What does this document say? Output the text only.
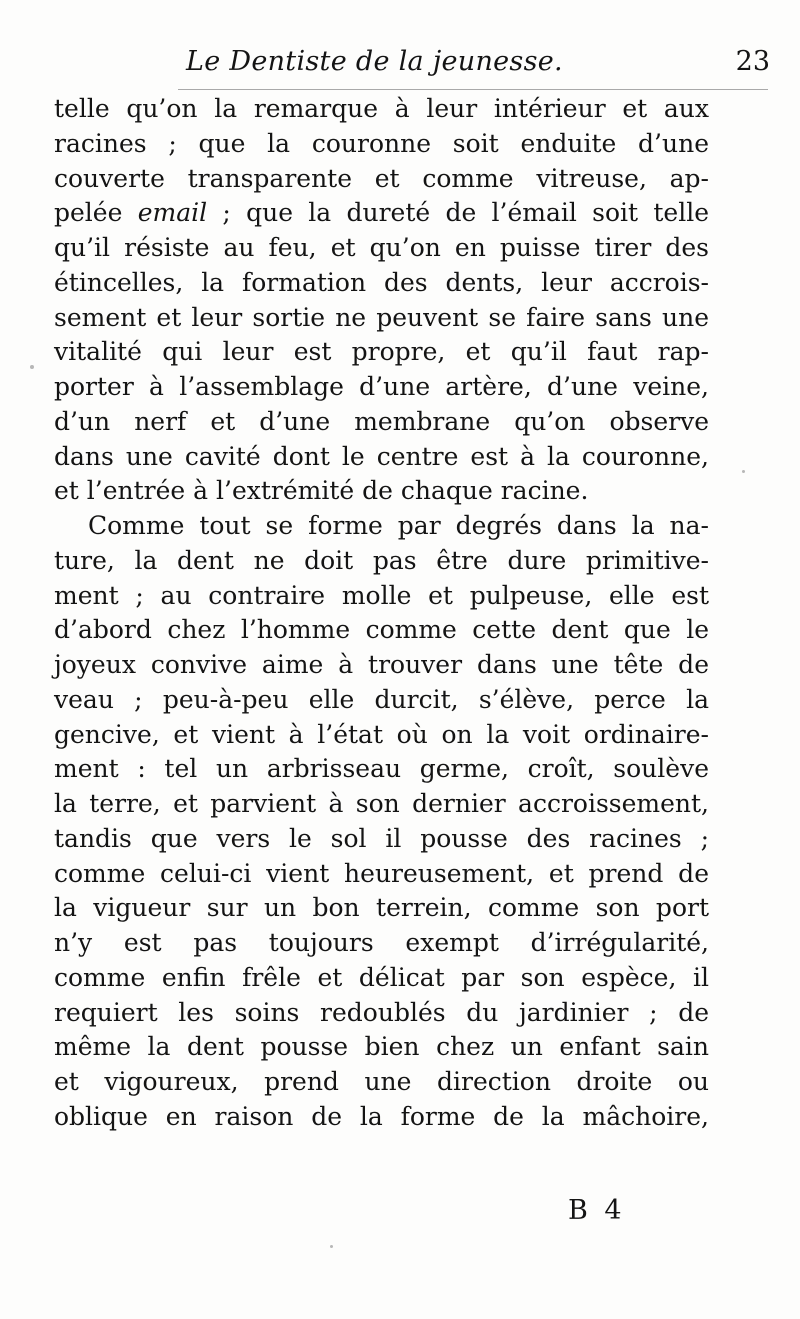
Le Dentiste de la jeunesse.	23
telle qu’on la remarque à leur intérieur et aux
racines ; que la couronne soit enduite d’une
couverte transparente et comme vitreuse, ap-
pelée email ; que la dureté de l’émail soit telle
qu’il résiste au feu, et qu’on en puisse tirer des
étincelles, la formation des dents, leur accrois-
sement et leur sortie ne peuvent se faire sans une
vitalité qui leur est propre, et qu’il faut rap-
porter à l’assemblage d’une artère, d’une veine,
d’un nerf et d’une membrane qu’on observe
dans une cavité dont le centre est à la couronne,
et l’entrée à l’extrémité de chaque racine.
Comme tout se forme par degrés dans la na-
ture, la dent ne doit pas être dure primitive-
ment ; au contraire molle et pulpeuse, elle est
d’abord chez l’homme comme cette dent que le
joyeux convive aime à trouver dans une tête de
veau ; peu-à-peu elle durcit, s’élève, perce la
gencive, et vient à l’état où on la voit ordinaire-
ment : tel un arbrisseau germe, croît, soulève
la terre, et parvient à son dernier accroissement,
tandis que vers le sol il pousse des racines ;
comme celui-ci vient heureusement, et prend de
la vigueur sur un bon terrein, comme son port
n’y est pas toujours exempt d’irrégularité,
comme enfin frêle et délicat par son espèce, il
requiert les soins redoublés du jardinier ; de
même la dent pousse bien chez un enfant sain
et vigoureux, prend une direction droite ou
oblique en raison de la forme de la mâchoire,
B 4
